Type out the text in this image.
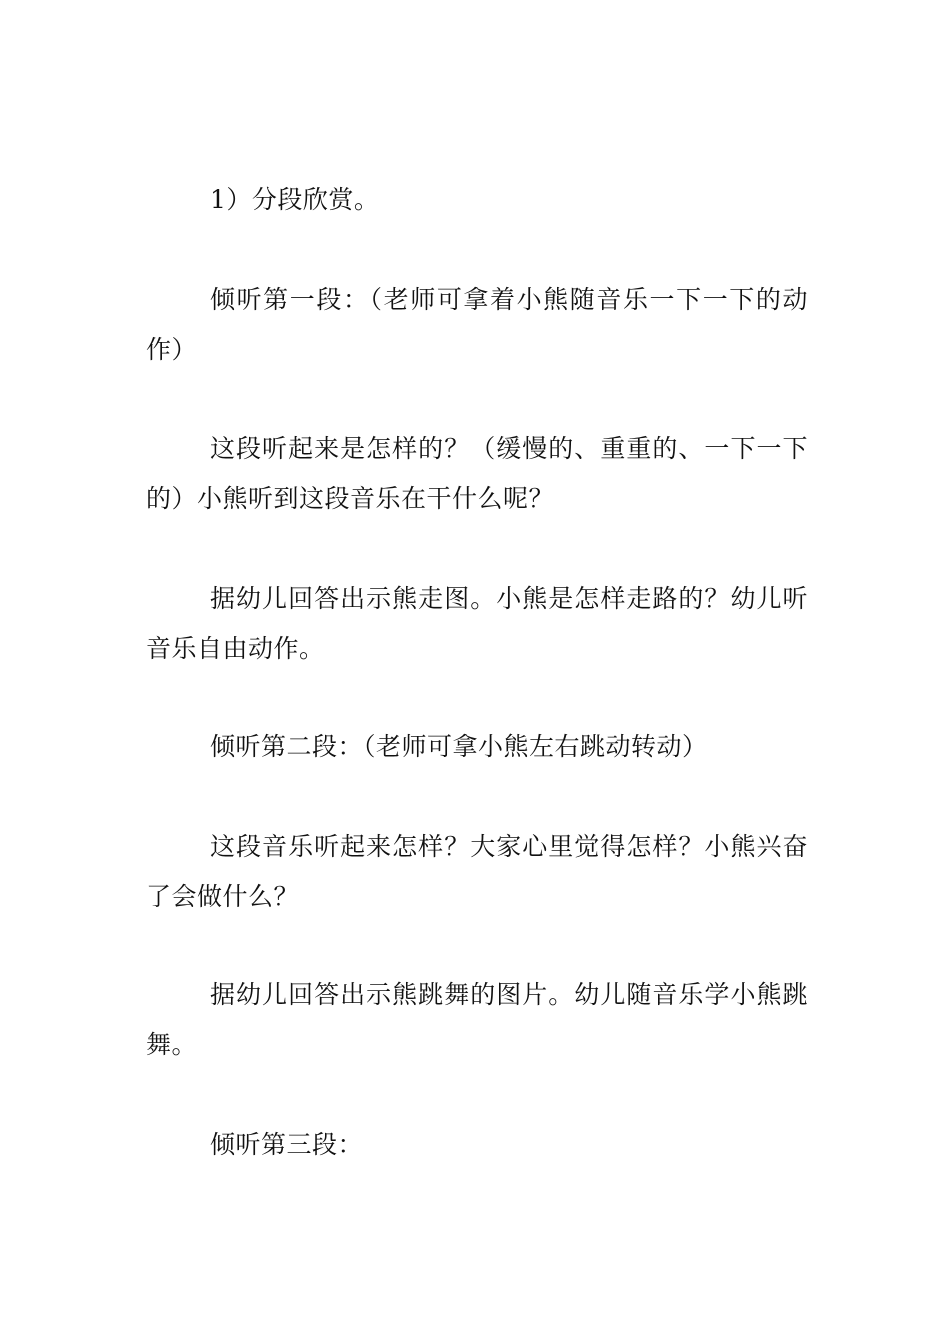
1）分段欣赏。

倾听第一段：（老师可拿着小熊随音乐一下一下的动作）

这段听起来是怎样的？（缓慢的、重重的、一下一下的）小熊听到这段音乐在干什么呢？

据幼儿回答出示熊走图。小熊是怎样走路的？幼儿听音乐自由动作。

倾听第二段：（老师可拿小熊左右跳动转动）

这段音乐听起来怎样？大家心里觉得怎样？小熊兴奋了会做什么？

据幼儿回答出示熊跳舞的图片。幼儿随音乐学小熊跳舞。

倾听第三段：
